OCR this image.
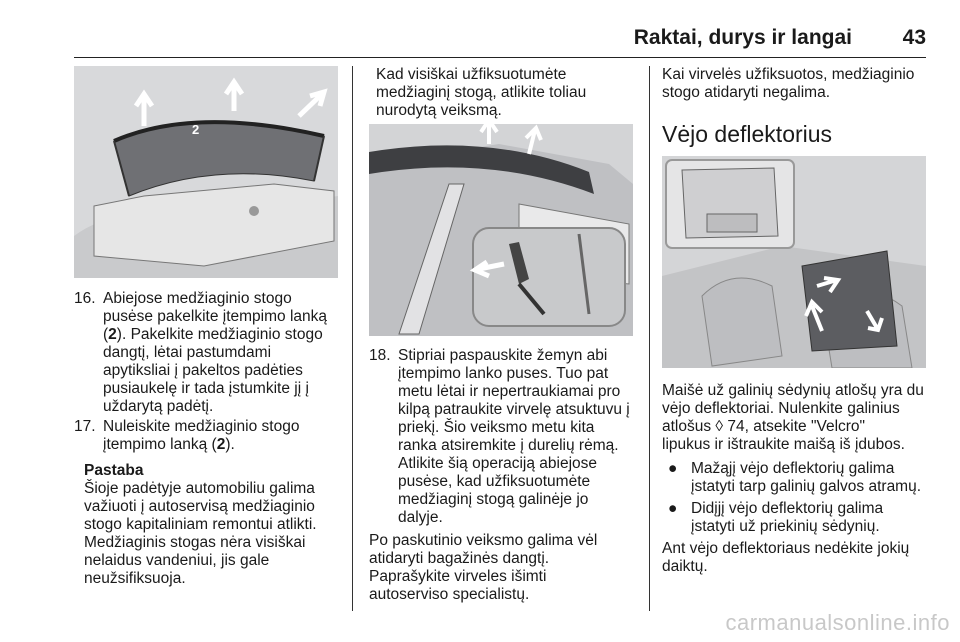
Raktai, durys ir langai 43
2
16. Abiejose medžiaginio stogo
pusėse pakelkite įtempimo lanką
(2). Pakelkite medžiaginio stogo
dangtį, lėtai pastumdami
apytiksliai į pakeltos padėties
pusiaukelę ir tada įstumkite jį į
uždarytą padėtį.
17. Nuleiskite medžiaginio stogo
įtempimo lanką (2).
Pastaba
Šioje padėtyje automobiliu galima
važiuoti į autoservisą medžiaginio
stogo kapitaliniam remontui atlikti.
Medžiaginis stogas nėra visiškai
nelaidus vandeniui, jis gale
neužsifiksuoja.
Kad visiškai užfiksuotumėte
medžiaginį stogą, atlikite toliau
nurodytą veiksmą.
18. Stipriai paspauskite žemyn abi
įtempimo lanko puses. Tuo pat
metu lėtai ir nepertraukiamai pro
kilpą patraukite virvelę atsuktuvu į
priekį. Šio veiksmo metu kita
ranka atsiremkite į durelių rėmą.
Atlikite šią operaciją abiejose
pusėse, kad užfiksuotumėte
medžiaginį stogą galinėje jo
dalyje.
Po paskutinio veiksmo galima vėl
atidaryti bagažinės dangtį.
Paprašykite virveles išimti
autoserviso specialistų.
Kai virvelės užfiksuotos, medžiaginio
stogo atidaryti negalima.
Vėjo deflektorius
Maišė už galinių sėdynių atlošų yra du
vėjo deflektoriai. Nulenkite galinius
atlošus ◊ 74, atsekite "Velcro"
lipukus ir ištraukite maišą iš įdubos.
● Mažąjį vėjo deflektorių galima
įstatyti tarp galinių galvos atramų.
● Didįjį vėjo deflektorių galima
įstatyti už priekinių sėdynių.
Ant vėjo deflektoriaus nedėkite jokių
daiktų.
carmanualsonline.info
